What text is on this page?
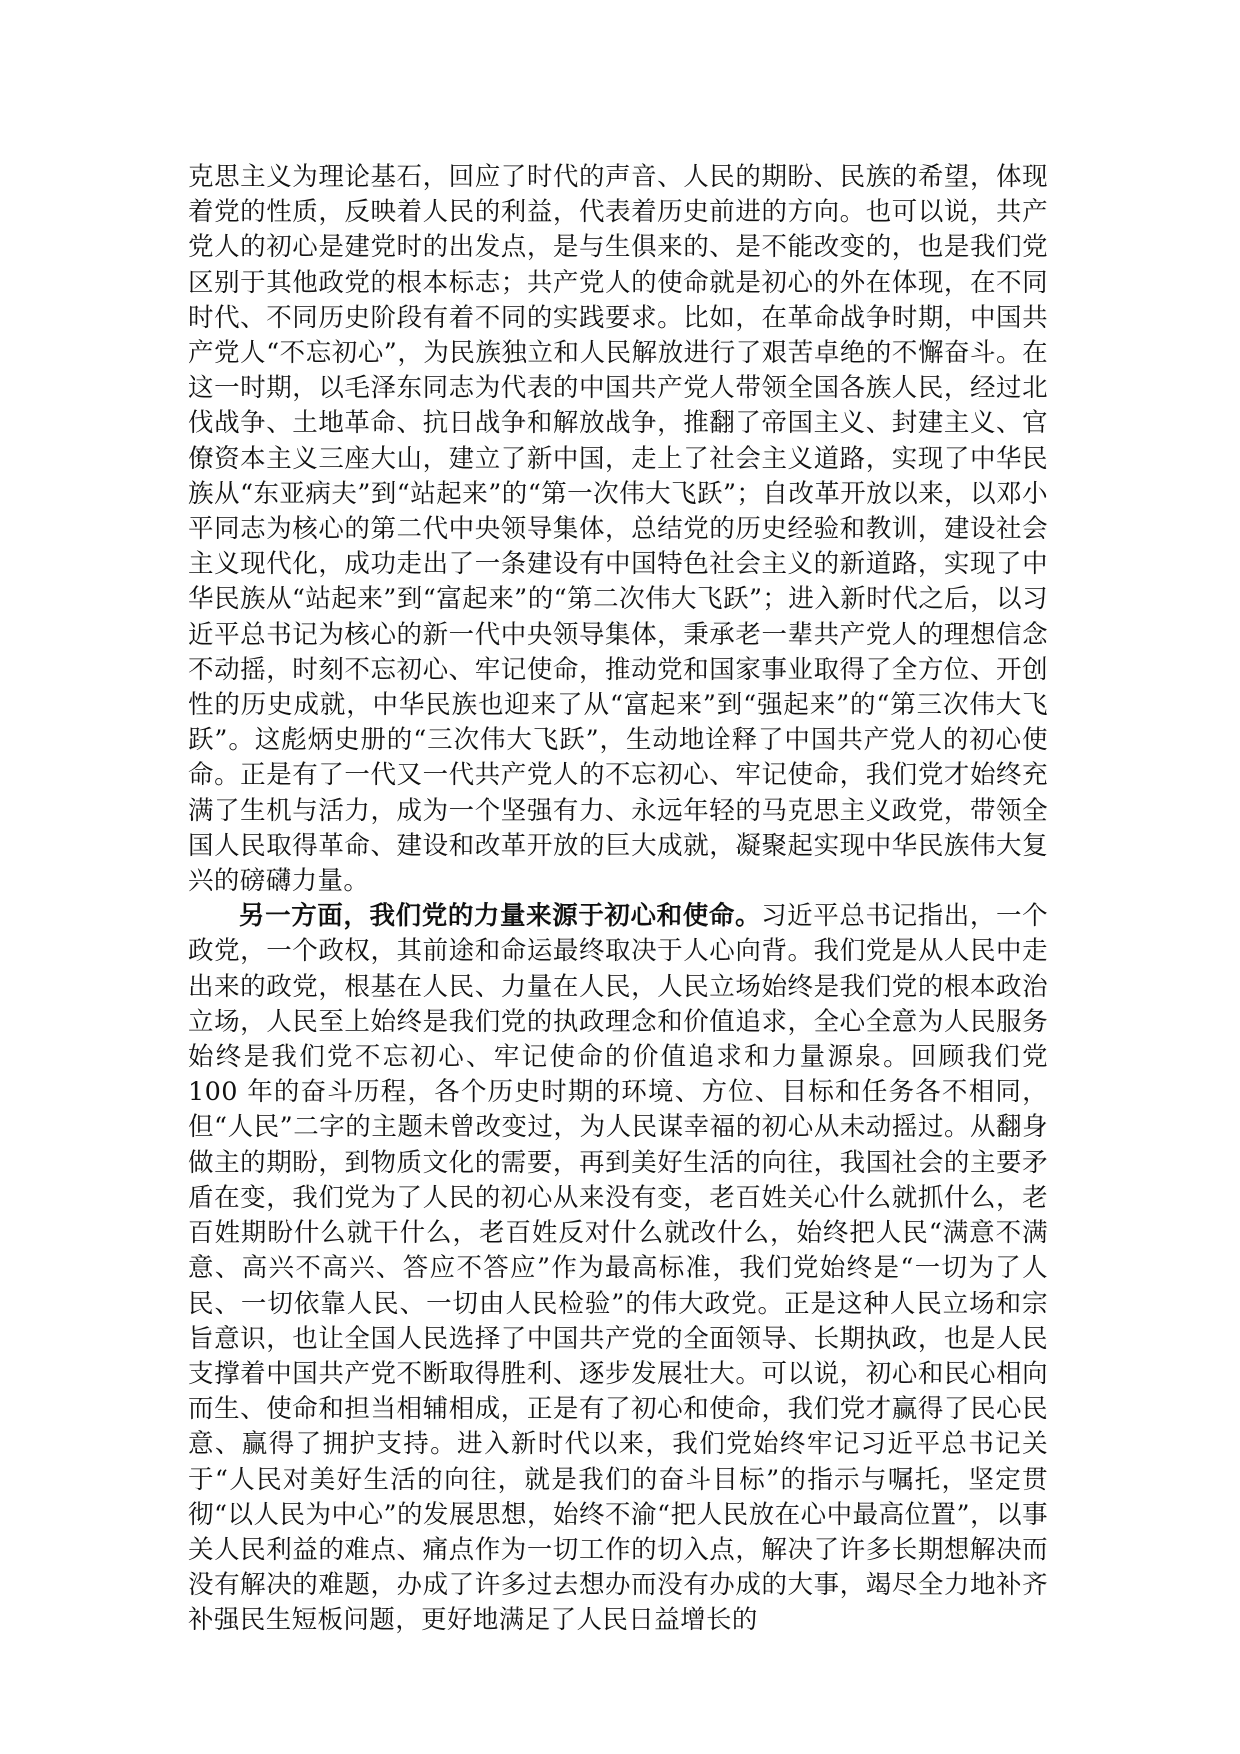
克思主义为理论基石，回应了时代的声音、人民的期盼、民族的希望，体现着党的性质，反映着人民的利益，代表着历史前进的方向。也可以说，共产党人的初心是建党时的出发点，是与生俱来的、是不能改变的，也是我们党区别于其他政党的根本标志；共产党人的使命就是初心的外在体现，在不同时代、不同历史阶段有着不同的实践要求。比如，在革命战争时期，中国共产党人“不忘初心”，为民族独立和人民解放进行了艰苦卓绝的不懈奋斗。在这一时期，以毛泽东同志为代表的中国共产党人带领全国各族人民，经过北伐战争、土地革命、抗日战争和解放战争，推翻了帝国主义、封建主义、官僚资本主义三座大山，建立了新中国，走上了社会主义道路，实现了中华民族从“东亚病夫”到“站起来”的“第一次伟大飞跃”；自改革开放以来，以邓小平同志为核心的第二代中央领导集体，总结党的历史经验和教训，建设社会主义现代化，成功走出了一条建设有中国特色社会主义的新道路，实现了中华民族从“站起来”到“富起来”的“第二次伟大飞跃”；进入新时代之后，以习近平总书记为核心的新一代中央领导集体，秉承老一辈共产党人的理想信念不动摇，时刻不忘初心、牢记使命，推动党和国家事业取得了全方位、开创性的历史成就，中华民族也迎来了从“富起来”到“强起来”的“第三次伟大飞跃”。这彪炳史册的“三次伟大飞跃”，生动地诠释了中国共产党人的初心使命。正是有了一代又一代共产党人的不忘初心、牢记使命，我们党才始终充满了生机与活力，成为一个坚强有力、永远年轻的马克思主义政党，带领全国人民取得革命、建设和改革开放的巨大成就，凝聚起实现中华民族伟大复兴的磅礴力量。

另一方面，我们党的力量来源于初心和使命。习近平总书记指出，一个政党，一个政权，其前途和命运最终取决于人心向背。我们党是从人民中走出来的政党，根基在人民、力量在人民，人民立场始终是我们党的根本政治立场，人民至上始终是我们党的执政理念和价值追求，全心全意为人民服务始终是我们党不忘初心、牢记使命的价值追求和力量源泉。回顾我们党 100 年的奋斗历程，各个历史时期的环境、方位、目标和任务各不相同，但“人民”二字的主题未曾改变过，为人民谋幸福的初心从未动摇过。从翻身做主的期盼，到物质文化的需要，再到美好生活的向往，我国社会的主要矛盾在变，我们党为了人民的初心从来没有变，老百姓关心什么就抓什么，老百姓期盼什么就干什么，老百姓反对什么就改什么，始终把人民“满意不满意、高兴不高兴、答应不答应”作为最高标准，我们党始终是“一切为了人民、一切依靠人民、一切由人民检验”的伟大政党。正是这种人民立场和宗旨意识，也让全国人民选择了中国共产党的全面领导、长期执政，也是人民支撑着中国共产党不断取得胜利、逐步发展壮大。可以说，初心和民心相向而生、使命和担当相辅相成，正是有了初心和使命，我们党才赢得了民心民意、赢得了拥护支持。进入新时代以来，我们党始终牢记习近平总书记关于“人民对美好生活的向往，就是我们的奋斗目标”的指示与嘱托，坚定贯彻“以人民为中心”的发展思想，始终不渝“把人民放在心中最高位置”，以事关人民利益的难点、痛点作为一切工作的切入点，解决了许多长期想解决而没有解决的难题，办成了许多过去想办而没有办成的大事，竭尽全力地补齐补强民生短板问题，更好地满足了人民日益增长的
